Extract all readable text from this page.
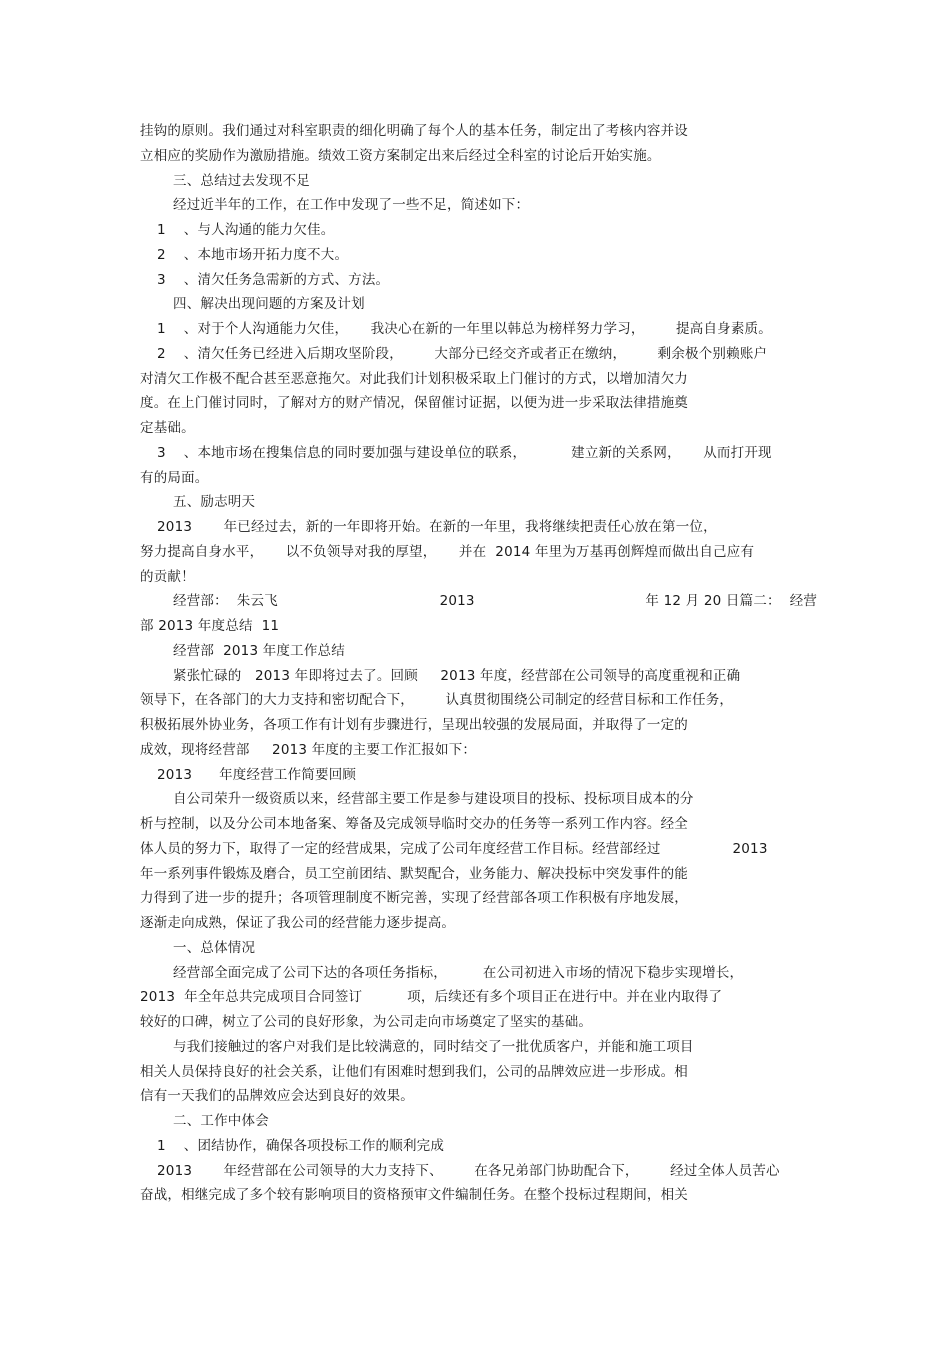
挂钩的原则。我们通过对科室职责的细化明确了每个人的基本任务，制定出了考核内容并设
立相应的奖励作为激励措施。绩效工资方案制定出来后经过全科室的讨论后开始实施。
三、总结过去发现不足
经过近半年的工作，在工作中发现了一些不足，简述如下：
1    、与人沟通的能力欠佳。
2    、本地市场开拓力度不大。
3    、清欠任务急需新的方式、方法。
四、解决出现问题的方案及计划
1    、对于个人沟通能力欠佳，     我决心在新的一年里以韩总为榜样努力学习，       提高自身素质。
2    、清欠任务已经进入后期攻坚阶段，       大部分已经交齐或者正在缴纳，       剩余极个别赖账户
对清欠工作极不配合甚至恶意拖欠。对此我们计划积极采取上门催讨的方式，以增加清欠力
度。在上门催讨同时，了解对方的财产情况，保留催讨证据，以便为进一步采取法律措施奠
定基础。
3    、本地市场在搜集信息的同时要加强与建设单位的联系，          建立新的关系网，     从而打开现
有的局面。
五、励志明天
2013       年已经过去，新的一年即将开始。在新的一年里，我将继续把责任心放在第一位，
努力提高自身水平，     以不负领导对我的厚望，     并在  2014 年里为万基再创辉煌而做出自己应有
的贡献！
经营部：  朱云飞                                    2013                                      年 12 月 20 日篇二：  经营
部 2013 年度总结  11
经营部  2013 年度工作总结
紧张忙碌的   2013 年即将过去了。回顾     2013 年度，经营部在公司领导的高度重视和正确
领导下，在各部门的大力支持和密切配合下，       认真贯彻围绕公司制定的经营目标和工作任务，
积极拓展外协业务，各项工作有计划有步骤进行，呈现出较强的发展局面，并取得了一定的
成效，现将经营部     2013 年度的主要工作汇报如下：
2013      年度经营工作简要回顾
自公司荣升一级资质以来，经营部主要工作是参与建设项目的投标、投标项目成本的分
析与控制，以及分公司本地备案、筹备及完成领导临时交办的任务等一系列工作内容。经全
体人员的努力下，取得了一定的经营成果，完成了公司年度经营工作目标。经营部经过                2013
年一系列事件锻炼及磨合，员工空前团结、默契配合，业务能力、解决投标中突发事件的能
力得到了进一步的提升；各项管理制度不断完善，实现了经营部各项工作积极有序地发展，
逐渐走向成熟，保证了我公司的经营能力逐步提高。
一、总体情况
经营部全面完成了公司下达的各项任务指标，        在公司初进入市场的情况下稳步实现增长，
2013  年全年总共完成项目合同签订          项，后续还有多个项目正在进行中。并在业内取得了
较好的口碑，树立了公司的良好形象，为公司走向市场奠定了坚实的基础。
与我们接触过的客户对我们是比较满意的，同时结交了一批优质客户，并能和施工项目
相关人员保持良好的社会关系，让他们有困难时想到我们，公司的品牌效应进一步形成。相
信有一天我们的品牌效应会达到良好的效果。
二、工作中体会
1    、团结协作，确保各项投标工作的顺利完成
2013       年经营部在公司领导的大力支持下、       在各兄弟部门协助配合下，       经过全体人员苦心
奋战，相继完成了多个较有影响项目的资格预审文件编制任务。在整个投标过程期间，相关
